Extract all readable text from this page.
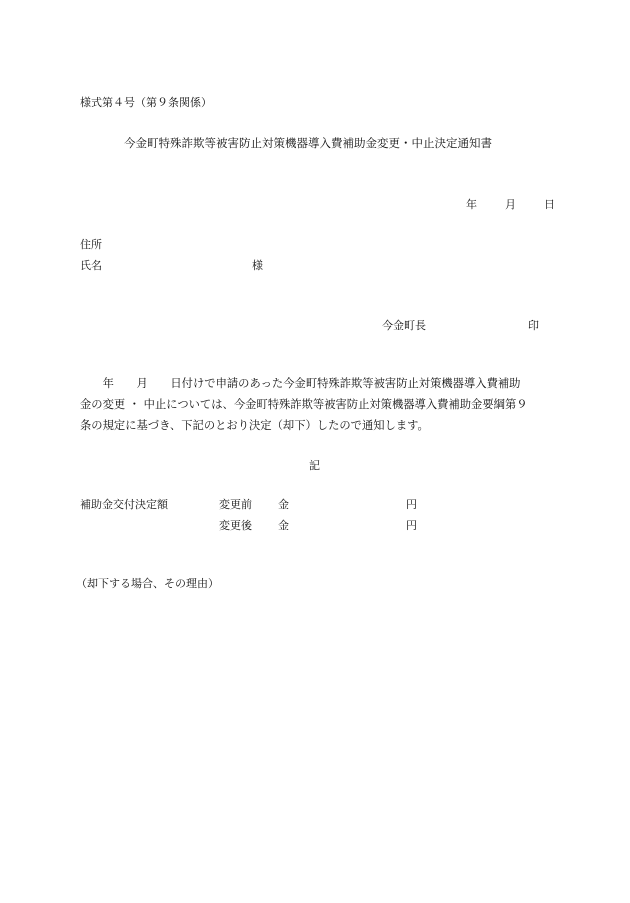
様式第４号（第９条関係）
今金町特殊詐欺等被害防止対策機器導入費補助金変更・中止決定通知書
年	月	日
住所
氏名	様
今金町長	印
　　年　　月　　日付けで申請のあった今金町特殊詐欺等被害防止対策機器導入費補助
金の変更 ・ 中止については、今金町特殊詐欺等被害防止対策機器導入費補助金要綱第９
条の規定に基づき、下記のとおり決定（却下）したので通知します。
記
補助金交付決定額	変更前 金	円
変更後 金	円
（却下する場合、その理由）
